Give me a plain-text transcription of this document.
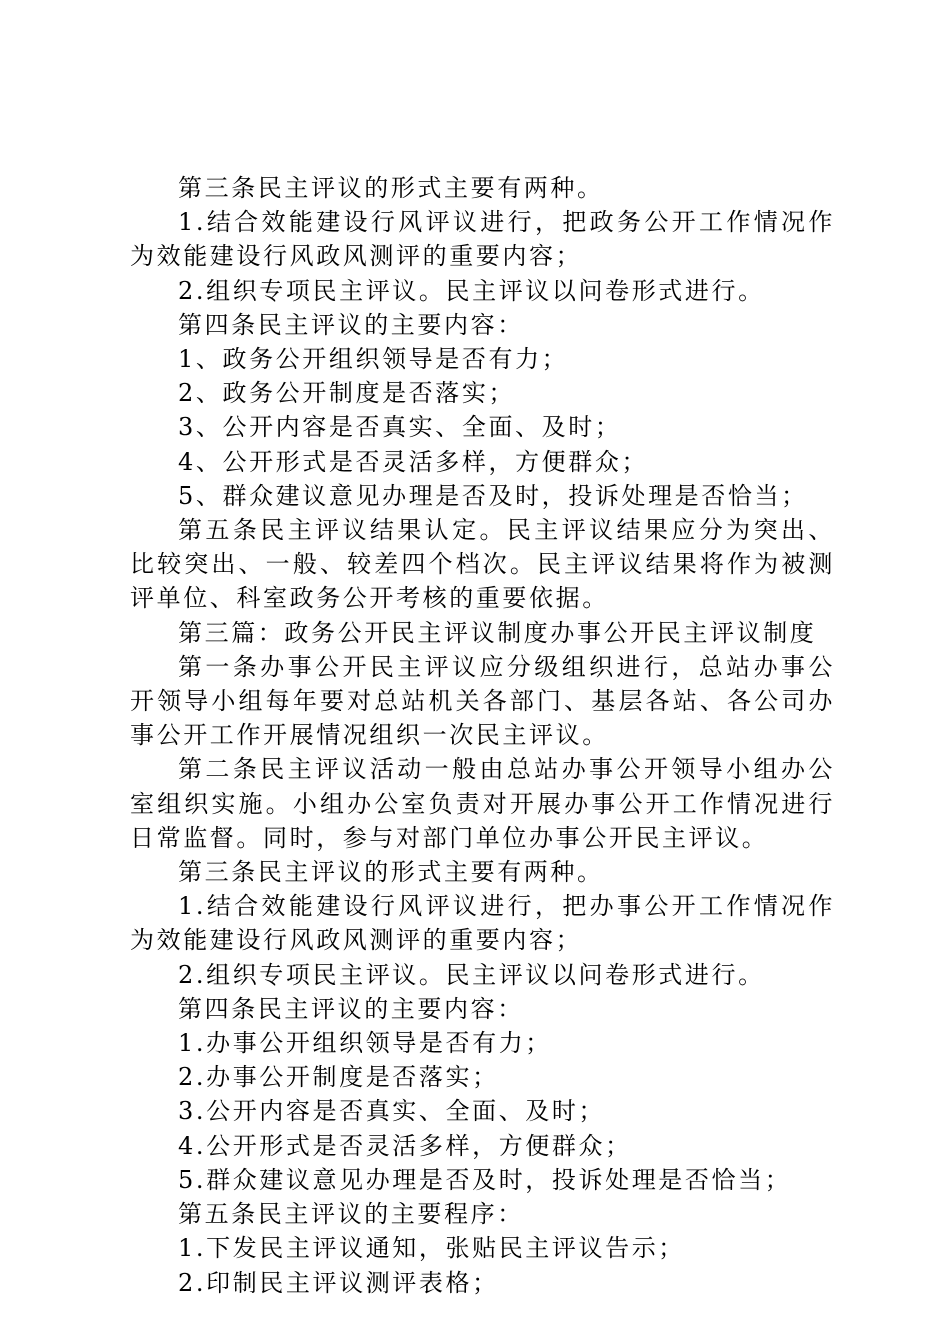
第三条民主评议的形式主要有两种。

1.结合效能建设行风评议进行，把政务公开工作情况作为效能建设行风政风测评的重要内容；

2.组织专项民主评议。民主评议以问卷形式进行。

第四条民主评议的主要内容：

1、政务公开组织领导是否有力；

2、政务公开制度是否落实；

3、公开内容是否真实、全面、及时；

4、公开形式是否灵活多样，方便群众；

5、群众建议意见办理是否及时，投诉处理是否恰当；

第五条民主评议结果认定。民主评议结果应分为突出、比较突出、一般、较差四个档次。民主评议结果将作为被测评单位、科室政务公开考核的重要依据。

第三篇：政务公开民主评议制度办事公开民主评议制度

第一条办事公开民主评议应分级组织进行，总站办事公开领导小组每年要对总站机关各部门、基层各站、各公司办事公开工作开展情况组织一次民主评议。

第二条民主评议活动一般由总站办事公开领导小组办公室组织实施。小组办公室负责对开展办事公开工作情况进行日常监督。同时，参与对部门单位办事公开民主评议。

第三条民主评议的形式主要有两种。

1.结合效能建设行风评议进行，把办事公开工作情况作为效能建设行风政风测评的重要内容；

2.组织专项民主评议。民主评议以问卷形式进行。

第四条民主评议的主要内容：

1.办事公开组织领导是否有力；

2.办事公开制度是否落实；

3.公开内容是否真实、全面、及时；

4.公开形式是否灵活多样，方便群众；

5.群众建议意见办理是否及时，投诉处理是否恰当；

第五条民主评议的主要程序：

1.下发民主评议通知，张贴民主评议告示；

2.印制民主评议测评表格；
